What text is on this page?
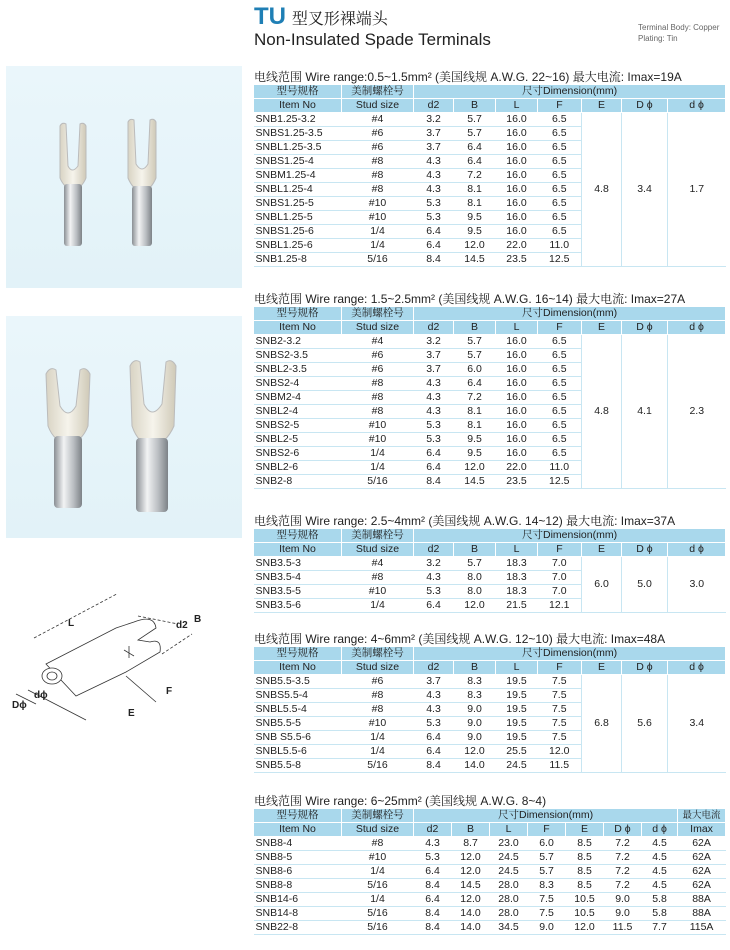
TU 型叉形裸端头
Non-Insulated Spade Terminals
Terminal Body: Copper
Plating: Tin
L	d2
B
F
E
dϕ
Dϕ
电线范围 Wire range:0.5~1.5mm² (美国线规 A.W.G. 22~16) 最大电流: Imax=19A
型号规格	美制螺栓号	尺寸Dimension(mm)						
Item No	Stud size	d2	B	L	F	E	D ϕ	d ϕ
SNB1.25-3.2	#4	3.2	5.7	16.0	6.5	4.8	3.4	1.7
SNBS1.25-3.5	#6	3.7	5.7	16.0	6.5			
SNBL1.25-3.5	#6	3.7	6.4	16.0	6.5			
SNBS1.25-4	#8	4.3	6.4	16.0	6.5			
SNBM1.25-4	#8	4.3	7.2	16.0	6.5			
SNBL1.25-4	#8	4.3	8.1	16.0	6.5			
SNBS1.25-5	#10	5.3	8.1	16.0	6.5			
SNBL1.25-5	#10	5.3	9.5	16.0	6.5			
SNBS1.25-6	1/4	6.4	9.5	16.0	6.5			
SNBL1.25-6	1/4	6.4	12.0	22.0	11.0			
SNB1.25-8	5/16	8.4	14.5	23.5	12.5			
电线范围 Wire range: 1.5~2.5mm² (美国线规 A.W.G. 16~14) 最大电流: Imax=27A
型号规格	美制螺栓号	尺寸Dimension(mm)						
Item No	Stud size	d2	B	L	F	E	D ϕ	d ϕ
SNB2-3.2	#4	3.2	5.7	16.0	6.5	4.8	4.1	2.3
SNBS2-3.5	#6	3.7	5.7	16.0	6.5			
SNBL2-3.5	#6	3.7	6.0	16.0	6.5			
SNBS2-4	#8	4.3	6.4	16.0	6.5			
SNBM2-4	#8	4.3	7.2	16.0	6.5			
SNBL2-4	#8	4.3	8.1	16.0	6.5			
SNBS2-5	#10	5.3	8.1	16.0	6.5			
SNBL2-5	#10	5.3	9.5	16.0	6.5			
SNBS2-6	1/4	6.4	9.5	16.0	6.5			
SNBL2-6	1/4	6.4	12.0	22.0	11.0			
SNB2-8	5/16	8.4	14.5	23.5	12.5			
电线范围 Wire range: 2.5~4mm² (美国线规 A.W.G. 14~12) 最大电流: Imax=37A
型号规格	美制螺栓号	尺寸Dimension(mm)						
Item No	Stud size	d2	B	L	F	E	D ϕ	d ϕ
SNB3.5-3	#4	3.2	5.7	18.3	7.0	6.0	5.0	3.0
SNB3.5-4	#8	4.3	8.0	18.3	7.0			
SNB3.5-5	#10	5.3	8.0	18.3	7.0			
SNB3.5-6	1/4	6.4	12.0	21.5	12.1			
电线范围 Wire range: 4~6mm² (美国线规 A.W.G. 12~10) 最大电流: Imax=48A
型号规格	美制螺栓号	尺寸Dimension(mm)						
Item No	Stud size	d2	B	L	F	E	D ϕ	d ϕ
SNB5.5-3.5	#6	3.7	8.3	19.5	7.5	6.8	5.6	3.4
SNBS5.5-4	#8	4.3	8.3	19.5	7.5			
SNBL5.5-4	#8	4.3	9.0	19.5	7.5			
SNB5.5-5	#10	5.3	9.0	19.5	7.5			
SNB S5.5-6	1/4	6.4	9.0	19.5	7.5			
SNBL5.5-6	1/4	6.4	12.0	25.5	12.0			
SNB5.5-8	5/16	8.4	14.0	24.5	11.5			
电线范围 Wire range: 6~25mm² (美国线规 A.W.G. 8~4)
型号规格	美制螺栓号	尺寸Dimension(mm)							最大电流
Item No	Stud size	d2	B	L	F	E	D ϕ	d ϕ	Imax
SNB8-4	#8	4.3	8.7	23.0	6.0	8.5	7.2	4.5	62A
SNB8-5	#10	5.3	12.0	24.5	5.7	8.5	7.2	4.5	62A
SNB8-6	1/4	6.4	12.0	24.5	5.7	8.5	7.2	4.5	62A
SNB8-8	5/16	8.4	14.5	28.0	8.3	8.5	7.2	4.5	62A
SNB14-6	1/4	6.4	12.0	28.0	7.5	10.5	9.0	5.8	88A
SNB14-8	5/16	8.4	14.0	28.0	7.5	10.5	9.0	5.8	88A
SNB22-8	5/16	8.4	14.0	34.5	9.0	12.0	11.5	7.7	115A
